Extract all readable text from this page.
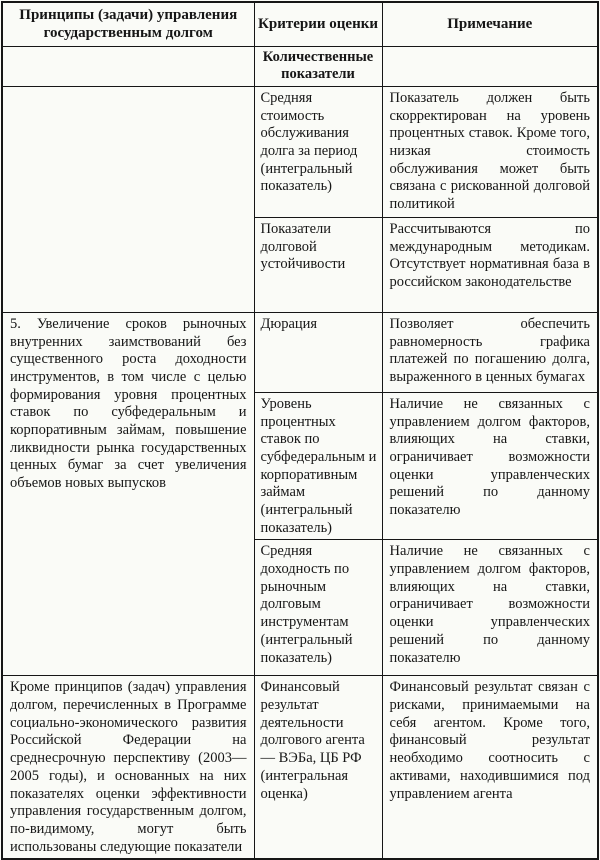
Принципы (задачи) управления государственным долгом	Критерии оценки	Примечание
	Количественные показатели	
	Средняя стоимость обслуживания долга за период (интегральный показатель)	Показатель должен быть скорректирован на уровень процентных ставок. Кроме того, низкая стоимость обслуживания может быть связана с рискованной долговой политикой
	Показатели долговой устойчивости	Рассчитываются по международным методикам. Отсутствует нормативная база в российском законодательстве
5. Увеличение сроков рыночных внутренних заимствований без существенного роста доходности инструментов, в том числе с целью формирования уровня процентных ставок по субфедеральным и корпоративным займам, повышение ликвидности рынка государственных ценных бумаг за счет увеличения объемов новых выпусков	Дюрация	Позволяет обеспечить равномерность графика платежей по погашению долга, выраженного в ценных бумагах
	Уровень процентных ставок по субфедеральным и корпоративным займам (интегральный показатель)	Наличие не связанных с управлением долгом факторов, влияющих на ставки, ограничивает возможности оценки управленческих решений по данному показателю
	Средняя доходность по рыночным долговым инструментам (интегральный показатель)	Наличие не связанных с управлением долгом факторов, влияющих на ставки, ограничивает возможности оценки управленческих решений по данному показателю
Кроме принципов (задач) управления долгом, перечисленных в Программе социально-экономического развития Российской Федерации на среднесрочную перспективу (2003—2005 годы), и основанных на них показателях оценки эффективности управления государственным долгом, по-видимому, могут быть использованы следующие показатели	Финансовый результат деятельности долгового агента — ВЭБа, ЦБ РФ (интегральная оценка)	Финансовый результат связан с рисками, принимаемыми на себя агентом. Кроме того, финансовый результат необходимо соотносить с активами, находившимися под управлением агента
